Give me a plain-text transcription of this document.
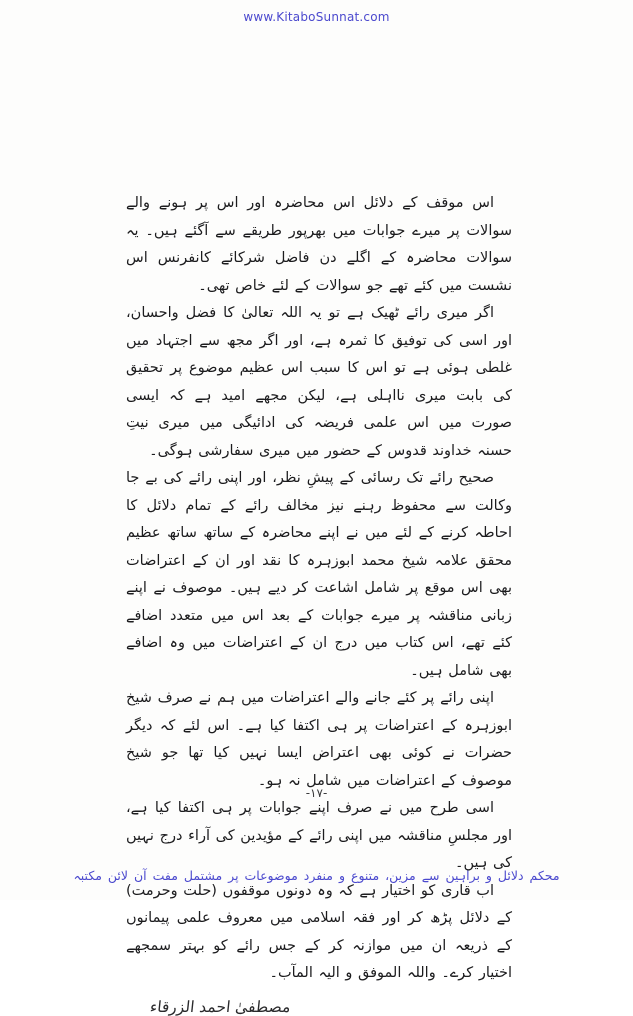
www.KitaboSunnat.com

اس موقف کے دلائل اس محاضرہ اور اس پر ہونے والے سوالات پر میرے جوابات میں بھرپور طریقے سے آگئے ہیں۔ یہ سوالات محاضرہ کے اگلے دن فاضل شرکائے کانفرنس اس نشست میں کئے تھے جو سوالات کے لئے خاص تھی۔

اگر میری رائے ٹھیک ہے تو یہ اللہ تعالیٰ کا فضل واحسان، اور اسی کی توفیق کا ثمرہ ہے، اور اگر مجھ سے اجتہاد میں غلطی ہوئی ہے تو اس کا سبب اس عظیم موضوع پر تحقیق کی بابت میری نااہلی ہے، لیکن مجھے امید ہے کہ ایسی صورت میں اس علمی فریضہ کی ادائیگی میں میری نیتِ حسنہ خداوند قدوس کے حضور میں میری سفارشی ہوگی۔

صحیح رائے تک رسائی کے پیشِ نظر، اور اپنی رائے کی بے جا وکالت سے محفوظ رہنے نیز مخالف رائے کے تمام دلائل کا احاطہ کرنے کے لئے میں نے اپنے محاضرہ کے ساتھ ساتھ عظیم محقق علامہ شیخ محمد ابوزہرہ کا نقد اور ان کے اعتراضات بھی اس موقع پر شامل اشاعت کر دیے ہیں۔ موصوف نے اپنے زبانی مناقشہ پر میرے جوابات کے بعد اس میں متعدد اضافے کئے تھے، اس کتاب میں درج ان کے اعتراضات میں وہ اضافے بھی شامل ہیں۔

اپنی رائے پر کئے جانے والے اعتراضات میں ہم نے صرف شیخ ابوزہرہ کے اعتراضات پر ہی اکتفا کیا ہے۔ اس لئے کہ دیگر حضرات نے کوئی بھی اعتراض ایسا نہیں کیا تھا جو شیخ موصوف کے اعتراضات میں شامل نہ ہو۔

اسی طرح میں نے صرف اپنے جوابات پر ہی اکتفا کیا ہے، اور مجلسِ مناقشہ میں اپنی رائے کے مؤیدین کی آراء درج نہیں کی ہیں۔

اب قاری کو اختیار ہے کہ وہ دونوں موقفوں (حلت وحرمت) کے دلائل پڑھ کر اور فقہ اسلامی میں معروف علمی پیمانوں کے ذریعہ ان میں موازنہ کر کے جس رائے کو بہتر سمجھے اختیار کرے۔ واللہ الموفق و الیہ المآب۔

مصطفیٰ احمد الزرقاء
-۱۷-
محکم دلائل و براہین سے مزین، متنوع و منفرد موضوعات پر مشتمل مفت آن لائن مکتبہ
